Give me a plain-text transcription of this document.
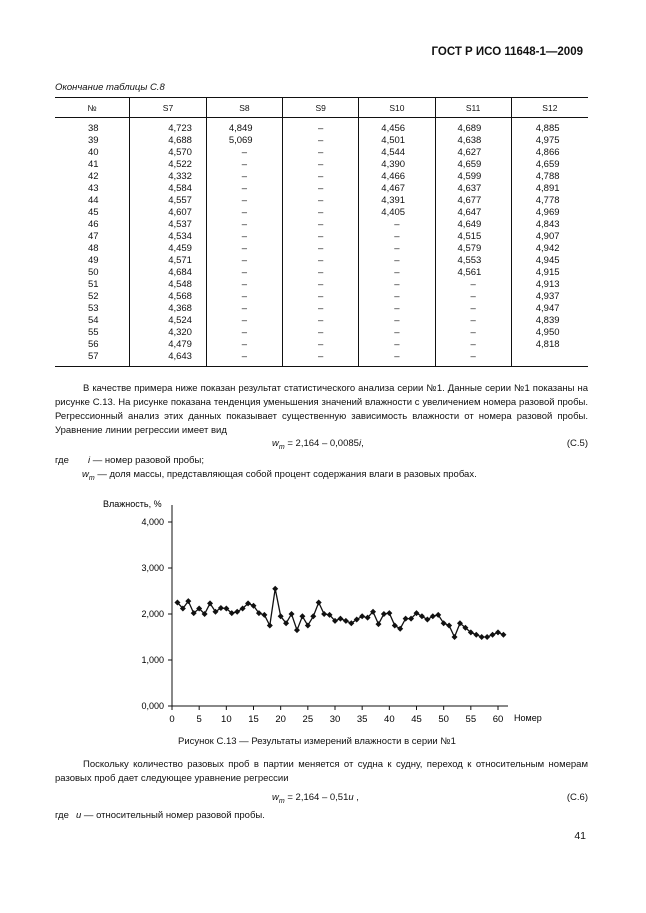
ГОСТ Р ИСО 11648-1—2009
Окончание таблицы С.8
№	S7	S8	S9	S10	S11	S12
38	4,723	4,849	–	4,456	4,689	4,885
39	4,688	5,069	–	4,501	4,638	4,975
40	4,570	–	–	4,544	4,627	4,866
41	4,522	–	–	4,390	4,659	4,659
42	4,332	–	–	4,466	4,599	4,788
43	4,584	–	–	4,467	4,637	4,891
44	4,557	–	–	4,391	4,677	4,778
45	4,607	–	–	4,405	4,647	4,969
46	4,537	–	–	–	4,649	4,843
47	4,534	–	–	–	4,515	4,907
48	4,459	–	–	–	4,579	4,942
49	4,571	–	–	–	4,553	4,945
50	4,684	–	–	–	4,561	4,915
51	4,548	–	–	–	–	4,913
52	4,568	–	–	–	–	4,937
53	4,368	–	–	–	–	4,947
54	4,524	–	–	–	–	4,839
55	4,320	–	–	–	–	4,950
56	4,479	–	–	–	–	4,818
57	4,643	–	–	–	–	
В качестве примера ниже показан результат статистического анализа серии №1. Данные серии №1 показаны на рисунке С.13. На рисунке показана тенденция уменьшения значений влажности с увеличением номера разовой пробы. Регрессионный анализ этих данных показывает существенную зависимость влажности от номера разовой пробы. Уравнение линии регрессии имеет вид
$w_m = 2,164 - 0,0085i$,	(С.5)
где i — номер разовой пробы;
$w_m$ — доля массы, представляющая собой процент содержания влаги в разовых пробах.
Влажность, %
0,000
1,000
2,000
3,000
4,000
0 5 10 15 20 25 30 35 40 45 50 55 60 Номер
Рисунок С.13 — Результаты измерений влажности в серии №1
Поскольку количество разовых проб в партии меняется от судна к судну, переход к относительным номерам разовых проб дает следующее уравнение регрессии
$w_m = 2,164 - 0,51u$ ,	(С.6)
где u — относительный номер разовой пробы.
41
